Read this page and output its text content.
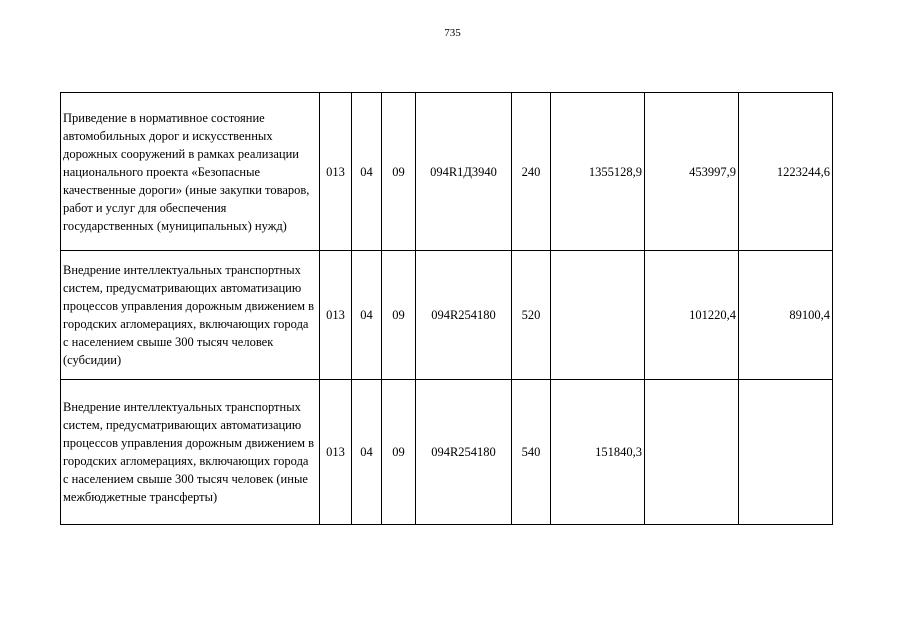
735
Приведение в нормативное состояние автомобильных дорог и искусственных дорожных сооружений в рамках реализации национального проекта «Безопасные качественные дороги» (иные закупки товаров, работ и услуг для обеспечения государственных (муниципальных) нужд)	013	04	09	094R1Д3940	240	1355128,9	453997,9	1223244,6
Внедрение интеллектуальных транспортных систем, предусматривающих автоматизацию процессов управления дорожным движением в городских агломерациях, включающих города с населением свыше 300 тысяч человек (субсидии)	013	04	09	094R254180	520		101220,4	89100,4
Внедрение интеллектуальных транспортных систем, предусматривающих автоматизацию процессов управления дорожным движением в городских агломерациях, включающих города с населением свыше 300 тысяч человек (иные межбюджетные трансферты)	013	04	09	094R254180	540	151840,3		
